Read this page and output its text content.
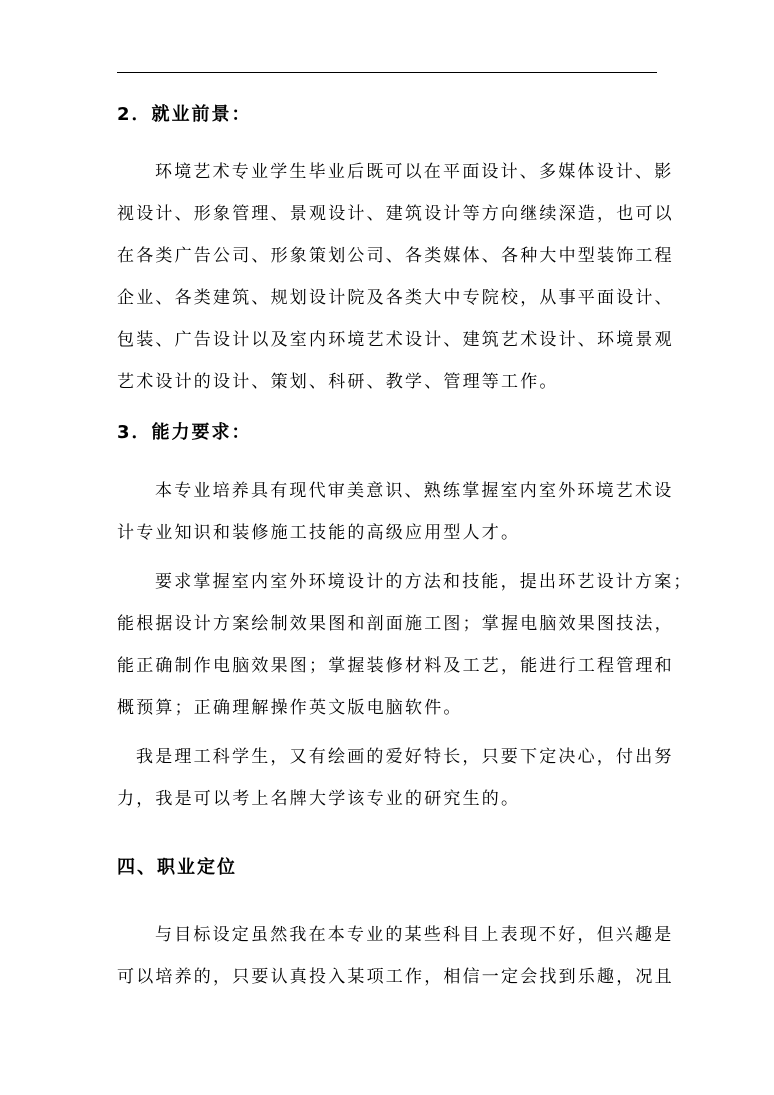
2．就业前景：
环境艺术专业学生毕业后既可以在平面设计、多媒体设计、影
视设计、形象管理、景观设计、建筑设计等方向继续深造，也可以
在各类广告公司、形象策划公司、各类媒体、各种大中型装饰工程
企业、各类建筑、规划设计院及各类大中专院校，从事平面设计、
包装、广告设计以及室内环境艺术设计、建筑艺术设计、环境景观
艺术设计的设计、策划、科研、教学、管理等工作。
3．能力要求：
本专业培养具有现代审美意识、熟练掌握室内室外环境艺术设
计专业知识和装修施工技能的高级应用型人才。
要求掌握室内室外环境设计的方法和技能，提出环艺设计方案；
能根据设计方案绘制效果图和剖面施工图；掌握电脑效果图技法，
能正确制作电脑效果图；掌握装修材料及工艺，能进行工程管理和
概预算；正确理解操作英文版电脑软件。
我是理工科学生，又有绘画的爱好特长，只要下定决心，付出努
力，我是可以考上名牌大学该专业的研究生的。
四、职业定位
与目标设定虽然我在本专业的某些科目上表现不好，但兴趣是
可以培养的，只要认真投入某项工作，相信一定会找到乐趣，况且
